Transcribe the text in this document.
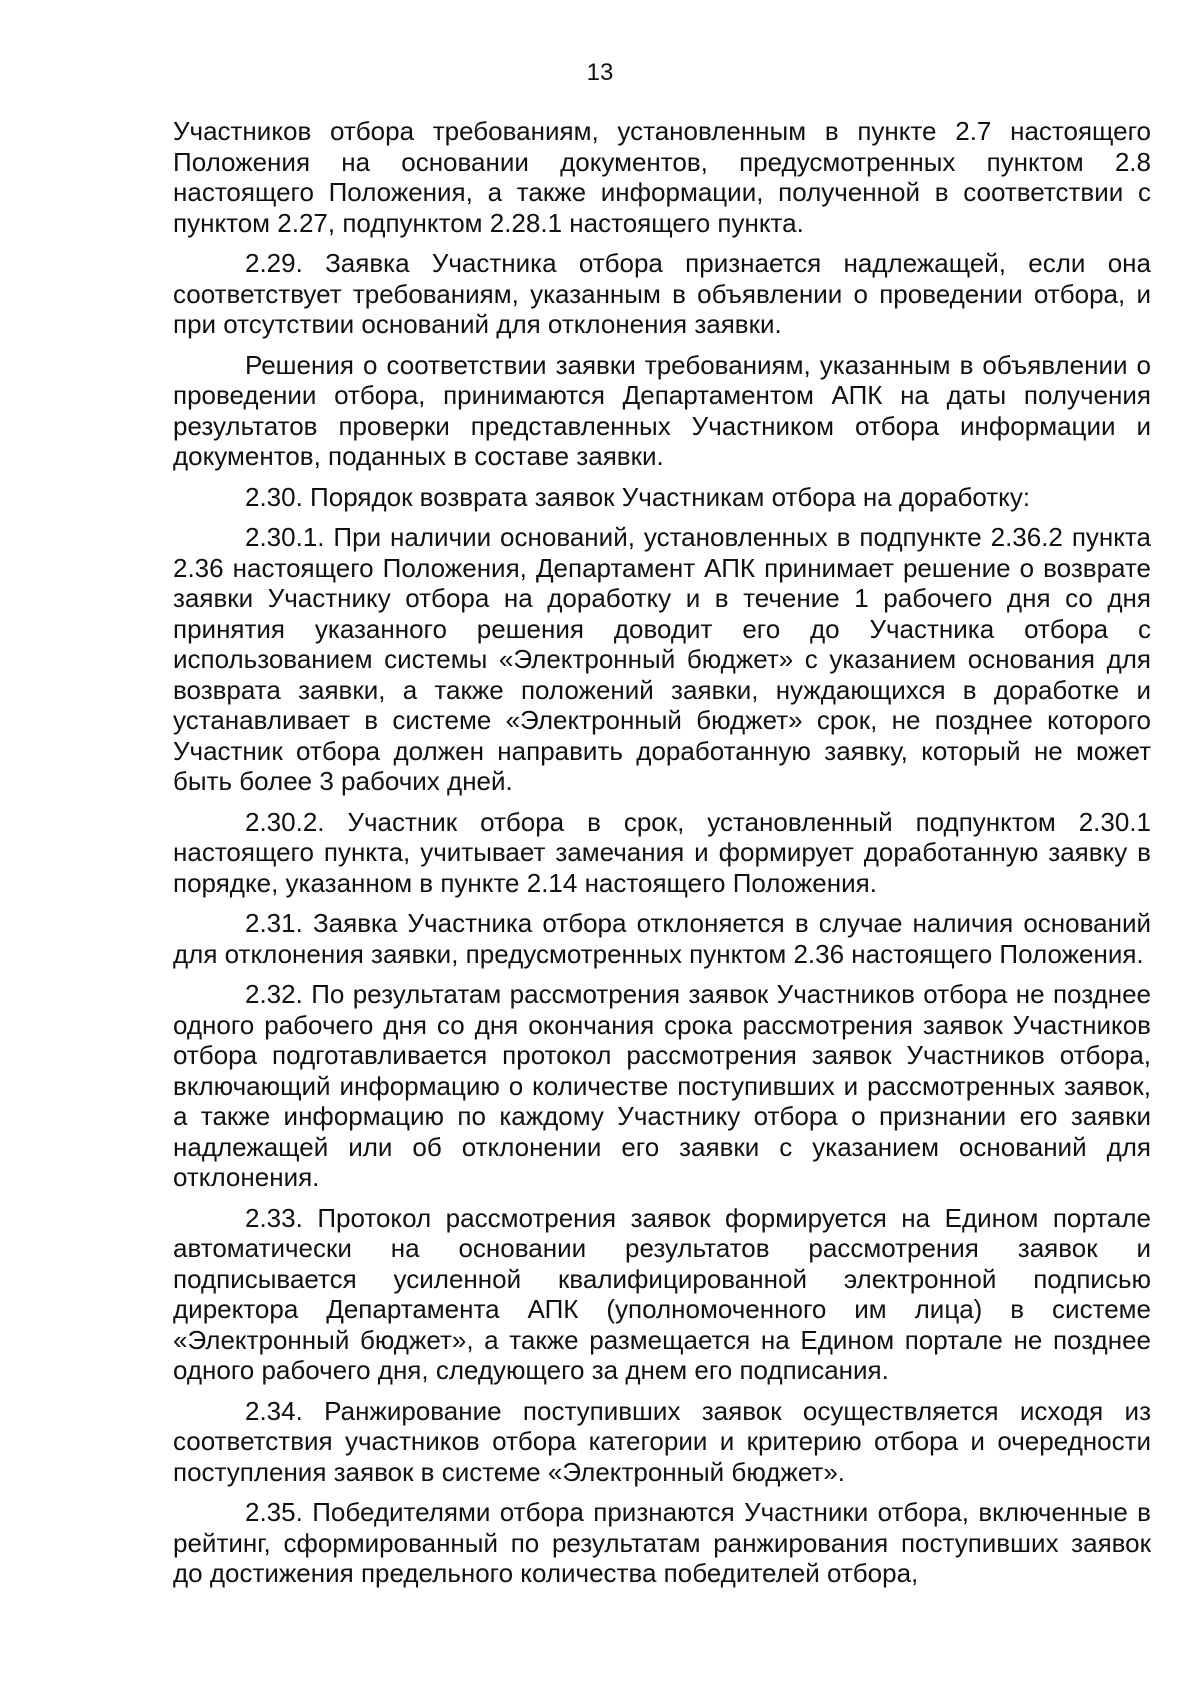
13

Участников отбора требованиям, установленным в пункте 2.7 настоящего Положения на основании документов, предусмотренных пунктом 2.8 настоящего Положения, а также информации, полученной в соответствии с пунктом 2.27, подпунктом 2.28.1 настоящего пункта.

2.29. Заявка Участника отбора признается надлежащей, если она соответствует требованиям, указанным в объявлении о проведении отбора, и при отсутствии оснований для отклонения заявки.

Решения о соответствии заявки требованиям, указанным в объявлении о проведении отбора, принимаются Департаментом АПК на даты получения результатов проверки представленных Участником отбора информации и документов, поданных в составе заявки.

2.30. Порядок возврата заявок Участникам отбора на доработку:

2.30.1. При наличии оснований, установленных в подпункте 2.36.2 пункта 2.36 настоящего Положения, Департамент АПК принимает решение о возврате заявки Участнику отбора на доработку и в течение 1 рабочего дня со дня принятия указанного решения доводит его до Участника отбора с использованием системы «Электронный бюджет» с указанием основания для возврата заявки, а также положений заявки, нуждающихся в доработке и устанавливает в системе «Электронный бюджет» срок, не позднее которого Участник отбора должен направить доработанную заявку, который не может быть более 3 рабочих дней.

2.30.2. Участник отбора в срок, установленный подпунктом 2.30.1 настоящего пункта, учитывает замечания и формирует доработанную заявку в порядке, указанном в пункте 2.14 настоящего Положения.

2.31. Заявка Участника отбора отклоняется в случае наличия оснований для отклонения заявки, предусмотренных пунктом 2.36 настоящего Положения.

2.32. По результатам рассмотрения заявок Участников отбора не позднее одного рабочего дня со дня окончания срока рассмотрения заявок Участников отбора подготавливается протокол рассмотрения заявок Участников отбора, включающий информацию о количестве поступивших и рассмотренных заявок, а также информацию по каждому Участнику отбора о признании его заявки надлежащей или об отклонении его заявки с указанием оснований для отклонения.

2.33. Протокол рассмотрения заявок формируется на Едином портале автоматически на основании результатов рассмотрения заявок и подписывается усиленной квалифицированной электронной подписью директора Департамента АПК (уполномоченного им лица) в системе «Электронный бюджет», а также размещается на Едином портале не позднее одного рабочего дня, следующего за днем его подписания.

2.34. Ранжирование поступивших заявок осуществляется исходя из соответствия участников отбора категории и критерию отбора и очередности поступления заявок в системе «Электронный бюджет».

2.35. Победителями отбора признаются Участники отбора, включенные в рейтинг, сформированный по результатам ранжирования поступивших заявок до достижения предельного количества победителей отбора,
